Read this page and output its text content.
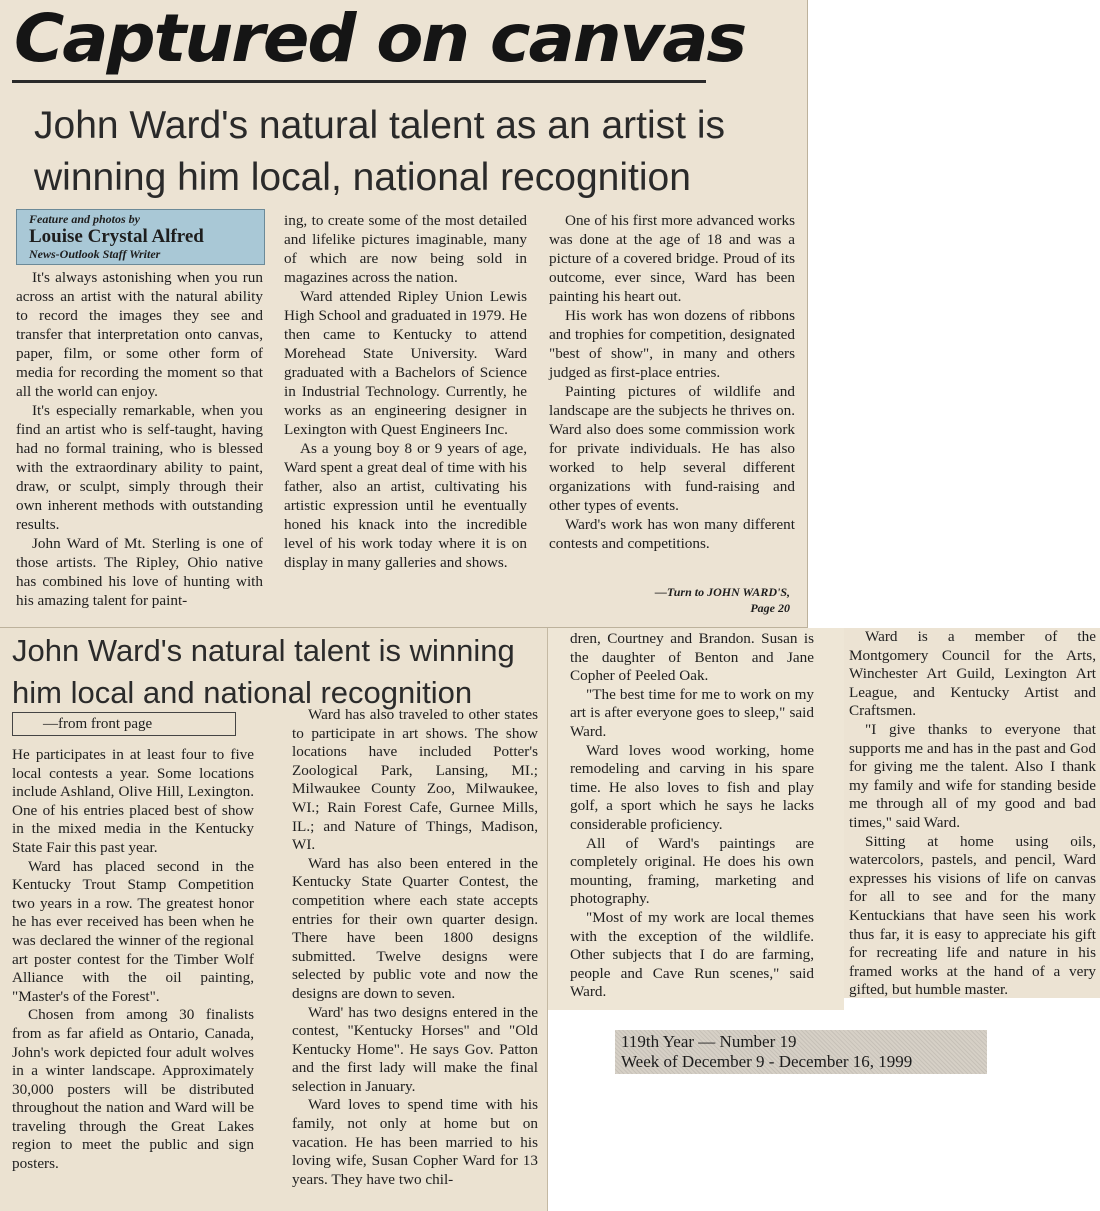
Captured on canvas
John Ward's natural talent as an artist is winning him local, national recognition
Feature and photos by
Louise Crystal Alfred
News-Outlook Staff Writer

It's always astonishing when you run across an artist with the natural ability to record the images they see and transfer that interpretation onto canvas, paper, film, or some other form of media for recording the moment so that all the world can enjoy.

It's especially remarkable, when you find an artist who is self-taught, having had no formal training, who is blessed with the extraordinary ability to paint, draw, or sculpt, simply through their own inherent methods with outstanding results.

John Ward of Mt. Sterling is one of those artists. The Ripley, Ohio native has combined his love of hunting with his amazing talent for paint-

ing, to create some of the most detailed and lifelike pictures imaginable, many of which are now being sold in magazines across the nation.

Ward attended Ripley Union Lewis High School and graduated in 1979. He then came to Kentucky to attend Morehead State University. Ward graduated with a Bachelors of Science in Industrial Technology. Currently, he works as an engineering designer in Lexington with Quest Engineers Inc.

As a young boy 8 or 9 years of age, Ward spent a great deal of time with his father, also an artist, cultivating his artistic expression until he eventually honed his knack into the incredible level of his work today where it is on display in many galleries and shows.

One of his first more advanced works was done at the age of 18 and was a picture of a covered bridge. Proud of its outcome, ever since, Ward has been painting his heart out.

His work has won dozens of ribbons and trophies for competition, designated "best of show", in many and others judged as first-place entries.

Painting pictures of wildlife and landscape are the subjects he thrives on. Ward also does some commission work for private individuals. He has also worked to help several different organizations with fund-raising and other types of events.

Ward's work has won many different contests and competitions.

—Turn to JOHN WARD'S,
Page 20
John Ward's natural talent is winning him local and national recognition
—from front page

He participates in at least four to five local contests a year. Some locations include Ashland, Olive Hill, Lexington. One of his entries placed best of show in the mixed media in the Kentucky State Fair this past year.

Ward has placed second in the Kentucky Trout Stamp Competition two years in a row. The greatest honor he has ever received has been when he was declared the winner of the regional art poster contest for the Timber Wolf Alliance with the oil painting, "Master's of the Forest".

Chosen from among 30 finalists from as far afield as Ontario, Canada, John's work depicted four adult wolves in a winter landscape. Approximately 30,000 posters will be distributed throughout the nation and Ward will be traveling through the Great Lakes region to meet the public and sign posters.

Ward has also traveled to other states to participate in art shows. The show locations have included Potter's Zoological Park, Lansing, MI.; Milwaukee County Zoo, Milwaukee, WI.; Rain Forest Cafe, Gurnee Mills, IL.; and Nature of Things, Madison, WI.

Ward has also been entered in the Kentucky State Quarter Contest, the competition where each state accepts entries for their own quarter design. There have been 1800 designs submitted. Twelve designs were selected by public vote and now the designs are down to seven.

Ward' has two designs entered in the contest, "Kentucky Horses" and "Old Kentucky Home". He says Gov. Patton and the first lady will make the final selection in January.

Ward loves to spend time with his family, not only at home but on vacation. He has been married to his loving wife, Susan Copher Ward for 13 years. They have two chil-

dren, Courtney and Brandon. Susan is the daughter of Benton and Jane Copher of Peeled Oak.

"The best time for me to work on my art is after everyone goes to sleep," said Ward.

Ward loves wood working, home remodeling and carving in his spare time. He also loves to fish and play golf, a sport which he says he lacks considerable proficiency.

All of Ward's paintings are completely original. He does his own mounting, framing, marketing and photography.

"Most of my work are local themes with the exception of the wildlife. Other subjects that I do are farming, people and Cave Run scenes," said Ward.

Ward is a member of the Montgomery Council for the Arts, Winchester Art Guild, Lexington Art League, and Kentucky Artist and Craftsmen.

"I give thanks to everyone that supports me and has in the past and God for giving me the talent. Also I thank my family and wife for standing beside me through all of my good and bad times," said Ward.

Sitting at home using oils, watercolors, pastels, and pencil, Ward expresses his visions of life on canvas for all to see and for the many Kentuckians that have seen his work thus far, it is easy to appreciate his gift for recreating life and nature in his framed works at the hand of a very gifted, but humble master.

119th Year — Number 19
Week of December 9 - December 16, 1999
